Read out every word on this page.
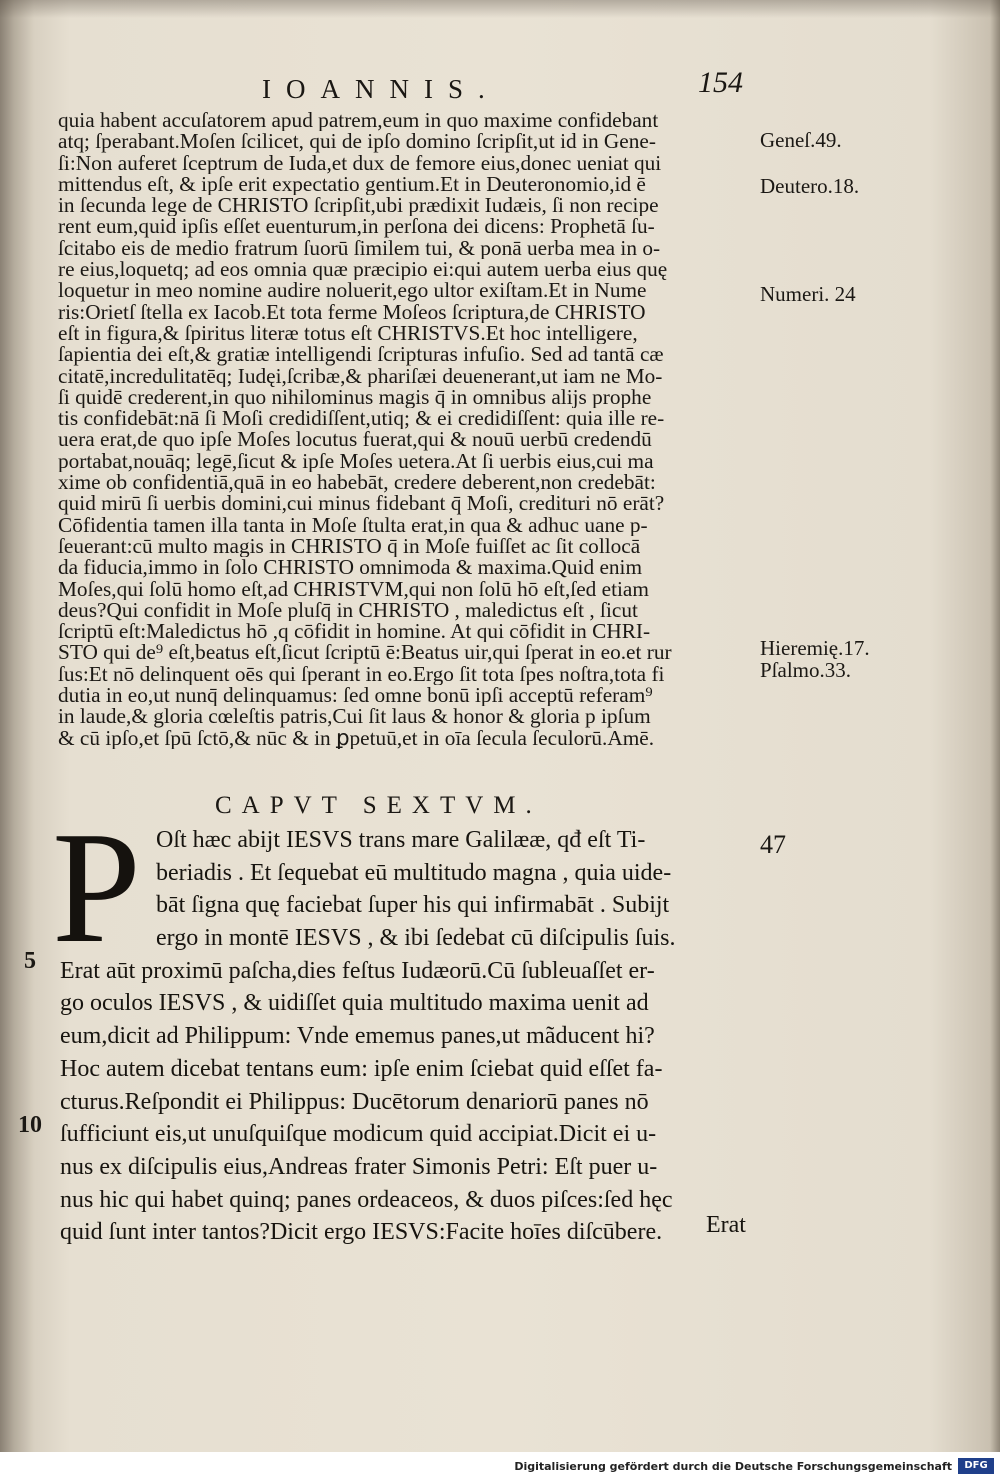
IOANNIS.	154
quia habent accuſatorem apud patrem,eum in quo maxime confidebant
atq; ſperabant.Moſen ſcilicet, qui de ipſo domino ſcripſit,ut id in Gene-
ſi:Non auferet ſceptrum de Iuda,et dux de femore eius,donec ueniat qui
mittendus eſt, & ipſe erit expectatio gentium.Et in Deuteronomio,id ē
in ſecunda lege de CHRISTO ſcripſit,ubi prædixit Iudæis, ſi non recipe
rent eum,quid ipſis eſſet euenturum,in perſona dei dicens: Prophetā ſu-
ſcitabo eis de medio fratrum ſuorū ſimilem tui, & ponā uerba mea in o-
re eius,loquetq; ad eos omnia quæ præcipio ei:qui autem uerba eius quę
loquetur in meo nomine audire noluerit,ego ultor exiſtam.Et in Nume
ris:Orietſ ſtella ex Iacob.Et tota ferme Moſeos ſcriptura,de CHRISTO
eſt in figura,& ſpiritus literæ totus eſt CHRISTVS.Et hoc intelligere,
ſapientia dei eſt,& gratiæ intelligendi ſcripturas infuſio. Sed ad tantā cæ
citatē,incredulitatēq; Iudęi,ſcribæ,& phariſæi deuenerant,ut iam ne Mo-
ſi quidē crederent,in quo nihilominus magis q̄ in omnibus alijs prophe
tis confidebāt:nā ſi Moſi credidiſſent,utiq; & ei credidiſſent: quia ille re-
uera erat,de quo ipſe Moſes locutus fuerat,qui & nouū uerbū credendū
portabat,nouāq; legē,ſicut & ipſe Moſes uetera.At ſi uerbis eius,cui ma
xime ob confidentiā,quā in eo habebāt, credere deberent,non credebāt:
quid mirū ſi uerbis domini,cui minus fidebant q̄ Moſi, credituri nō erāt?
Cōfidentia tamen illa tanta in Moſe ſtulta erat,in qua & adhuc uane p-
ſeuerant:cū multo magis in CHRISTO q̄ in Moſe fuiſſet ac ſit collocā
da fiducia,immo in ſolo CHRISTO omnimoda & maxima.Quid enim
Moſes,qui ſolū homo eſt,ad CHRISTVM,qui non ſolū hō eſt,ſed etiam
deus?Qui confidit in Moſe pluſq̄ in CHRISTO , maledictus eſt , ſicut
ſcriptū eſt:Maledictus hō ,q cōfidit in homine. At qui cōfidit in CHRI-
STO qui de⁹ eſt,beatus eſt,ſicut ſcriptū ē:Beatus uir,qui ſperat in eo.et rur
ſus:Et nō delinquent oēs qui ſperant in eo.Ergo ſit tota ſpes noſtra,tota fi
dutia in eo,ut nunq̄ delinquamus: ſed omne bonū ipſi acceptū referam⁹
in laude,& gloria cœleſtis patris,Cui ſit laus & honor & gloria p ipſum
& cū ipſo,et ſpū ſctō,& nūc & in ꝑpetuū,et in oīa ſecula ſeculorū.Amē.
Geneſ.49.
Deutero.18.
Numeri. 24
Hieremię.17.
Pſalmo.33.
47
CAPVT SEXTVM.
P Oſt hæc abijt IESVS trans mare Galilææ, qđ eſt Ti-
beriadis . Et ſequebat eū multitudo magna , quia uide-
bāt ſigna quę faciebat ſuper his qui infirmabāt . Subijt
ergo in montē IESVS , & ibi ſedebat cū diſcipulis ſuis.
Erat aūt proximū paſcha,dies feſtus Iudæorū.Cū ſubleuaſſet er-
go oculos IESVS , & uidiſſet quia multitudo maxima uenit ad
eum,dicit ad Philippum: Vnde ememus panes,ut mãducent hi?
Hoc autem dicebat tentans eum: ipſe enim ſciebat quid eſſet fa-
cturus.Reſpondit ei Philippus: Ducētorum denariorū panes nō
ſufficiunt eis,ut unuſquiſque modicum quid accipiat.Dicit ei u-
nus ex diſcipulis eius,Andreas frater Simonis Petri: Eſt puer u-
nus hic qui habet quinq; panes ordeaceos, & duos piſces:ſed hęc
quid ſunt inter tantos?Dicit ergo IESVS:Facite hoīes diſcūbere.
5
10
Erat
Digitalisierung gefördert durch die Deutsche Forschungsgemeinschaft	DFG
